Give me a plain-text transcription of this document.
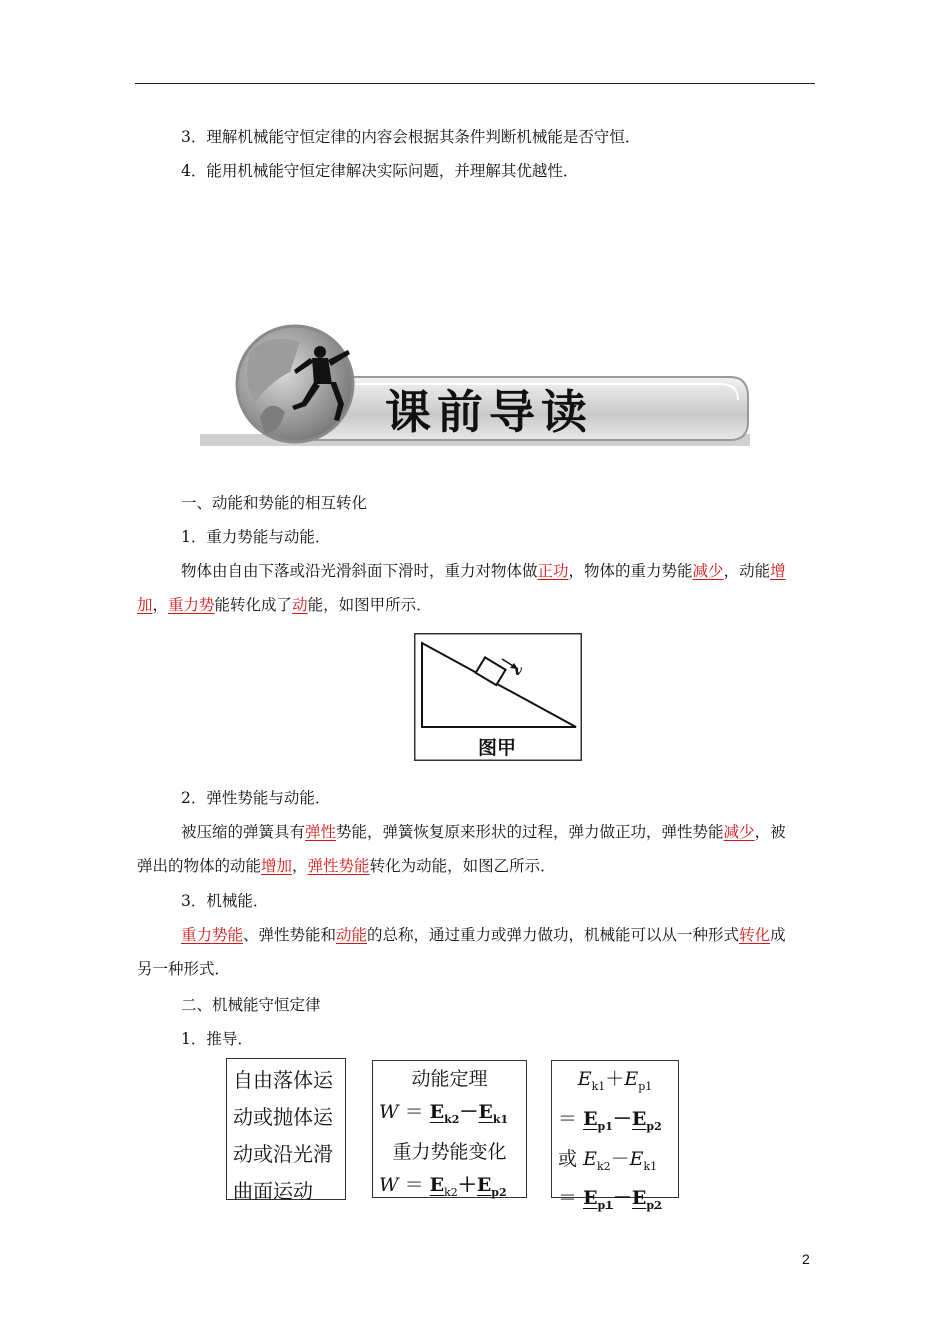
3．理解机械能守恒定律的内容会根据其条件判断机械能是否守恒．
4．能用机械能守恒定律解决实际问题，并理解其优越性．
课前导读
一、动能和势能的相互转化
1．重力势能与动能．
物体由自由下落或沿光滑斜面下滑时，重力对物体做正功，物体的重力势能减少，动能增
加，重力势能转化成了动能，如图甲所示．
v
图甲
2．弹性势能与动能．
被压缩的弹簧具有弹性势能，弹簧恢复原来形状的过程，弹力做正功，弹性势能减少，被
弹出的物体的动能增加，弹性势能转化为动能，如图乙所示．
3．机械能．
重力势能、弹性势能和动能的总称，通过重力或弹力做功，机械能可以从一种形式转化成
另一种形式．
二、机械能守恒定律
1．推导．
自由落体运
动或抛体运
动或沿光滑
曲面运动
动能定理
$W = E_{k2}-E_{k1}$
重力势能变化
$W = E_{k2}+E_{p2}$
$E_{k1}+E_{p1}$
＝ $E_{p1}-E_{p2}$
或 $E_{k2}-E_{k1}$
＝ $E_{p1}-E_{p2}$
2
